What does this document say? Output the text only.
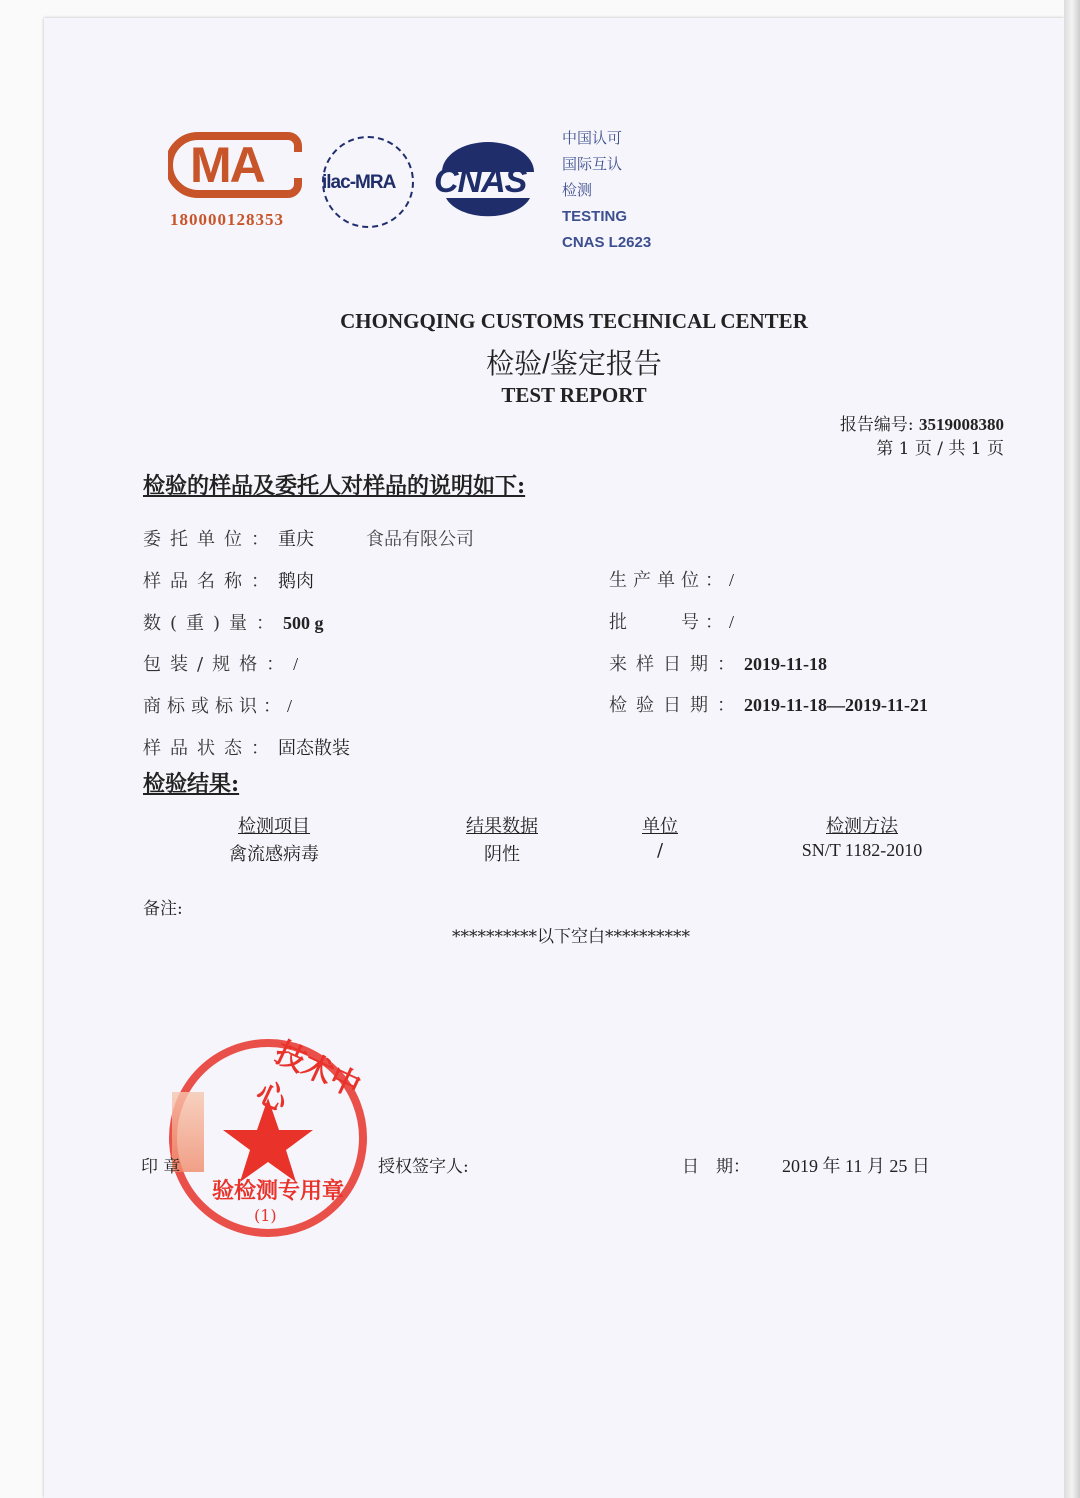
MA
180000128353
ilac-MRA CNAS
中国认可
国际互认
检测
TESTING
CNAS L2623
CHONGQING CUSTOMS TECHNICAL CENTER
检验/鉴定报告
TEST REPORT
报告编号: 3519008380
第 1 页 / 共 1 页
检验的样品及委托人对样品的说明如下:
委托单位：重庆	食品有限公司
样品名称：鹅肉
数(重)量：500 g
包装/规格：/
商标或标识：/
样品状态：固态散装
生产单位：/
批　　号：/
来样日期：2019-11-18
检验日期：2019-11-18—2019-11-21
检验结果:
检测项目	结果数据	单位	检测方法
禽流感病毒	阴性	/	SN/T 1182-2010
备注:
**********以下空白**********
技术中心
验检测专用章
(1)
印 章	授权签字人:	日　期： 2019 年 11 月 25 日
